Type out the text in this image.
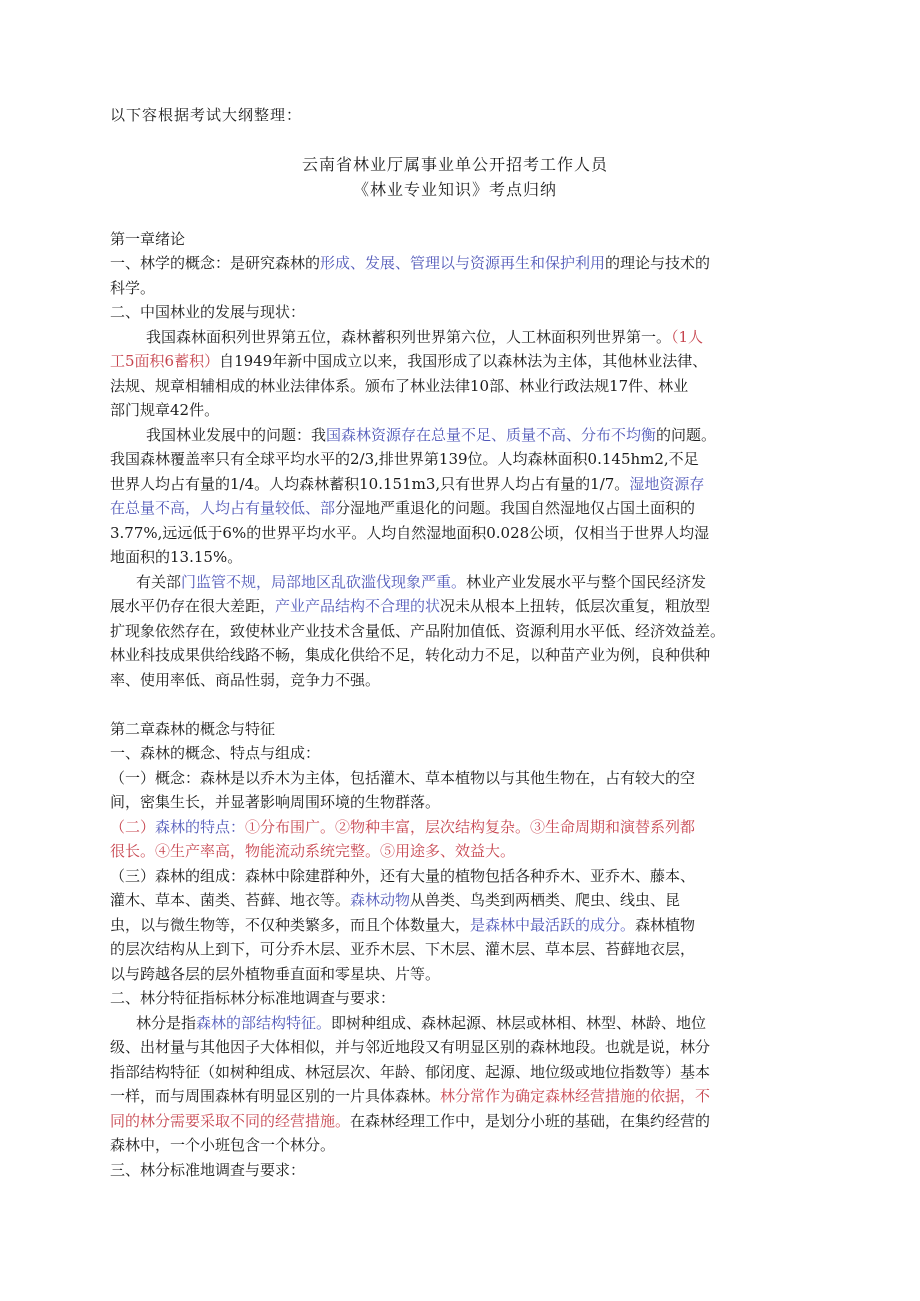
以下容根据考试大纲整理：
云南省林业厅属事业单公开招考工作人员
《林业专业知识》考点归纳
第一章绪论
一、林学的概念：是研究森林的形成、发展、管理以与资源再生和保护利用的理论与技术的
科学。
二、中国林业的发展与现状：
我国森林面积列世界第五位，森林蓄积列世界第六位，人工林面积列世界第一。（1人
工5面积6蓄积）自1949年新中国成立以来，我国形成了以森林法为主体，其他林业法律、
法规、规章相辅相成的林业法律体系。颁布了林业法律10部、林业行政法规17件、林业
部门规章42件。
我国林业发展中的问题：我国森林资源存在总量不足、质量不高、分布不均衡的问题。
我国森林覆盖率只有全球平均水平的2/3,排世界第139位。人均森林面积0.145hm2,不足
世界人均占有量的1/4。人均森林蓄积10.151m3,只有世界人均占有量的1/7。湿地资源存
在总量不高，人均占有量较低、部分湿地严重退化的问题。我国自然湿地仅占国土面积的
3.77%,远远低于6%的世界平均水平。人均自然湿地面积0.028公顷，仅相当于世界人均湿
地面积的13.15%。
有关部门监管不规，局部地区乱砍滥伐现象严重。林业产业发展水平与整个国民经济发
展水平仍存在很大差距，产业产品结构不合理的状况未从根本上扭转，低层次重复，粗放型
扩现象依然存在，致使林业产业技术含量低、产品附加值低、资源利用水平低、经济效益差。
林业科技成果供给线路不畅，集成化供给不足，转化动力不足，以种苗产业为例，良种供种
率、使用率低、商品性弱，竞争力不强。
第二章森林的概念与特征
一、森林的概念、特点与组成：
（一）概念：森林是以乔木为主体，包括灌木、草本植物以与其他生物在，占有较大的空
间，密集生长，并显著影响周围环境的生物群落。
（二）森林的特点：①分布围广。②物种丰富，层次结构复杂。③生命周期和演替系列都
很长。④生产率高，物能流动系统完整。⑤用途多、效益大。
（三）森林的组成：森林中除建群种外，还有大量的植物包括各种乔木、亚乔木、藤本、
灌木、草本、菌类、苔藓、地衣等。森林动物从兽类、鸟类到两栖类、爬虫、线虫、昆
虫，以与微生物等，不仅种类繁多，而且个体数量大，是森林中最活跃的成分。森林植物
的层次结构从上到下，可分乔木层、亚乔木层、下木层、灌木层、草本层、苔藓地衣层，
以与跨越各层的层外植物垂直面和零星块、片等。
二、林分特征指标林分标准地调查与要求：
林分是指森林的部结构特征。即树种组成、森林起源、林层或林相、林型、林龄、地位
级、出材量与其他因子大体相似，并与邻近地段又有明显区别的森林地段。也就是说，林分
指部结构特征（如树种组成、林冠层次、年龄、郁闭度、起源、地位级或地位指数等）基本
一样，而与周围森林有明显区别的一片具体森林。林分常作为确定森林经营措施的依据，不
同的林分需要采取不同的经营措施。在森林经理工作中，是划分小班的基础，在集约经营的
森林中，一个小班包含一个林分。
三、林分标准地调查与要求：
